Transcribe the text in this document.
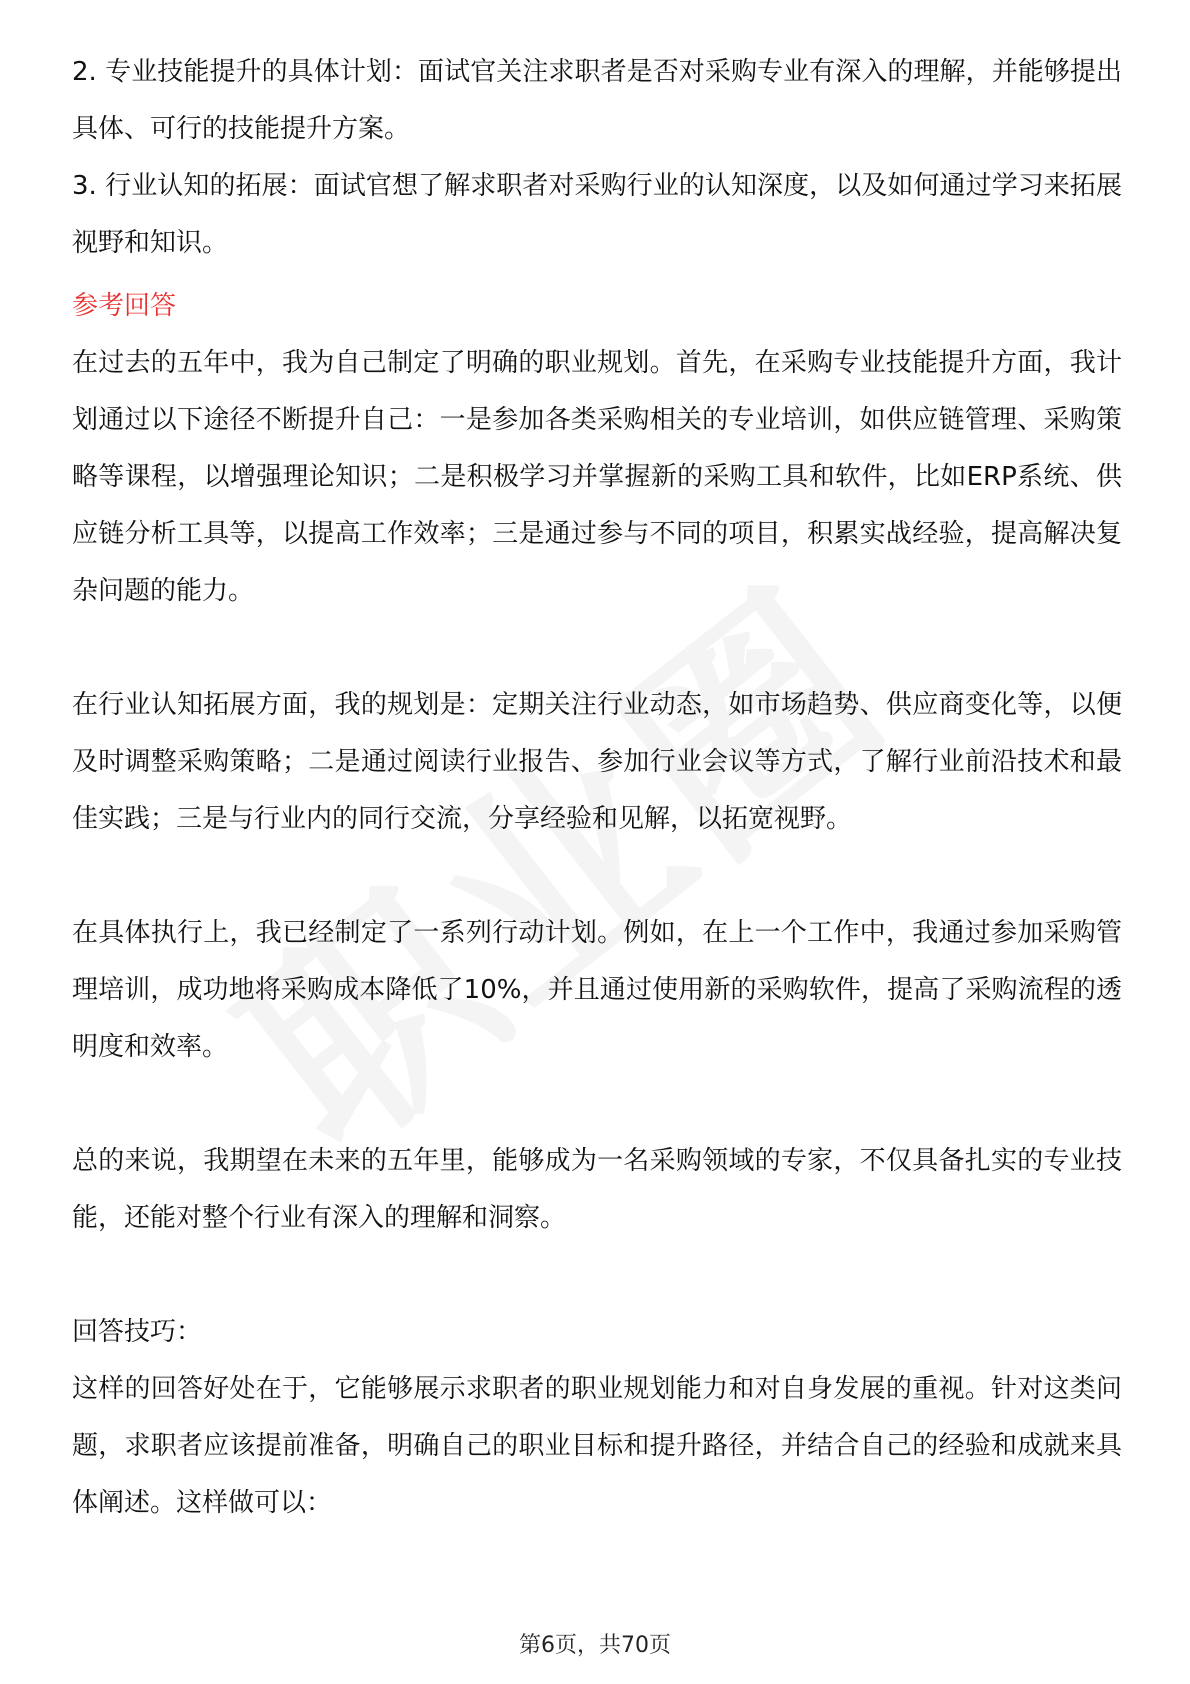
2. 专业技能提升的具体计划：面试官关注求职者是否对采购专业有深入的理解，并能够提出具体、可行的技能提升方案。

3. 行业认知的拓展：面试官想了解求职者对采购行业的认知深度，以及如何通过学习来拓展视野和知识。

参考回答

在过去的五年中，我为自己制定了明确的职业规划。首先，在采购专业技能提升方面，我计划通过以下途径不断提升自己：一是参加各类采购相关的专业培训，如供应链管理、采购策略等课程，以增强理论知识；二是积极学习并掌握新的采购工具和软件，比如ERP系统、供应链分析工具等，以提高工作效率；三是通过参与不同的项目，积累实战经验，提高解决复杂问题的能力。

在行业认知拓展方面，我的规划是：定期关注行业动态，如市场趋势、供应商变化等，以便及时调整采购策略；二是通过阅读行业报告、参加行业会议等方式，了解行业前沿技术和最佳实践；三是与行业内的同行交流，分享经验和见解，以拓宽视野。

在具体执行上，我已经制定了一系列行动计划。例如，在上一个工作中，我通过参加采购管理培训，成功地将采购成本降低了10%，并且通过使用新的采购软件，提高了采购流程的透明度和效率。

总的来说，我期望在未来的五年里，能够成为一名采购领域的专家，不仅具备扎实的专业技能，还能对整个行业有深入的理解和洞察。

回答技巧：

这样的回答好处在于，它能够展示求职者的职业规划能力和对自身发展的重视。针对这类问题，求职者应该提前准备，明确自己的职业目标和提升路径，并结合自己的经验和成就来具体阐述。这样做可以：

第6页，共70页
